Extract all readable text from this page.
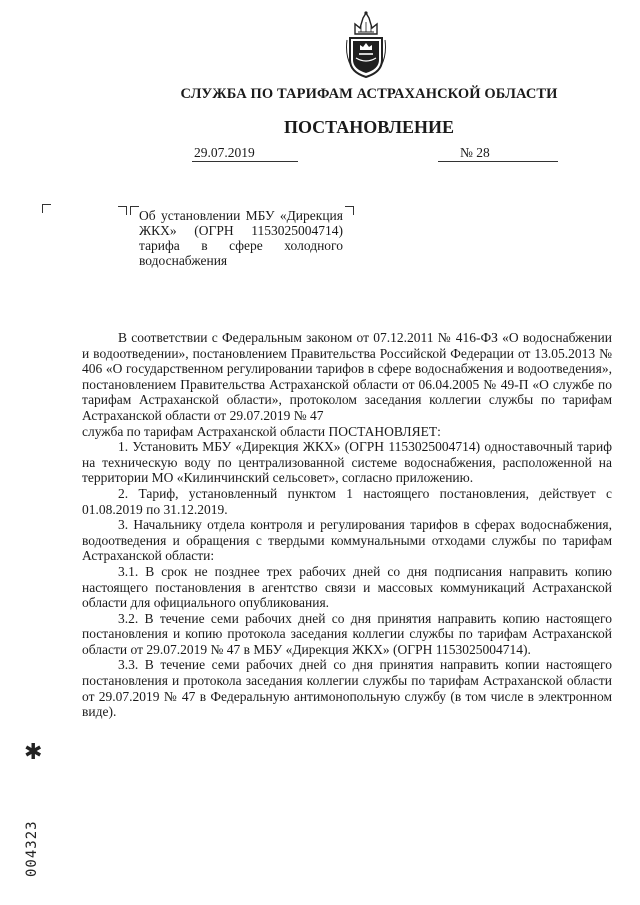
СЛУЖБА ПО ТАРИФАМ АСТРАХАНСКОЙ ОБЛАСТИ
ПОСТАНОВЛЕНИЕ
29.07.2019	№ 28
Об установлении МБУ «Дирекция ЖКХ» (ОГРН 1153025004714) тарифа в сфере холодного водоснабжения

В соответствии с Федеральным законом от 07.12.2011 № 416-ФЗ «О водоснабжении и водоотведении», постановлением Правительства Российской Федерации от 13.05.2013 № 406 «О государственном регулировании тарифов в сфере водоснабжения и водоотведения», постановлением Правительства Астраханской области от 06.04.2005 № 49-П «О службе по тарифам Астраханской области», протоколом заседания коллегии службы по тарифам Астраханской области от 29.07.2019 № 47

служба по тарифам Астраханской области ПОСТАНОВЛЯЕТ:

1. Установить МБУ «Дирекция ЖКХ» (ОГРН 1153025004714) одноставочный тариф на техническую воду по централизованной системе водоснабжения, расположенной на территории МО «Килинчинский сельсовет», согласно приложению.

2. Тариф, установленный пунктом 1 настоящего постановления, действует с 01.08.2019 по 31.12.2019.

3. Начальнику отдела контроля и регулирования тарифов в сферах водоснабжения, водоотведения и обращения с твердыми коммунальными отходами службы по тарифам Астраханской области:

3.1. В срок не позднее трех рабочих дней со дня подписания направить копию настоящего постановления в агентство связи и массовых коммуникаций Астраханской области для официального опубликования.

3.2. В течение семи рабочих дней со дня принятия направить копию настоящего постановления и копию протокола заседания коллегии службы по тарифам Астраханской области от 29.07.2019 № 47 в МБУ «Дирекция ЖКХ» (ОГРН 1153025004714).

3.3. В течение семи рабочих дней со дня принятия направить копии настоящего постановления и протокола заседания коллегии службы по тарифам Астраханской области от 29.07.2019 № 47 в Федеральную антимонопольную службу (в том числе в электронном виде).

✱
004323
